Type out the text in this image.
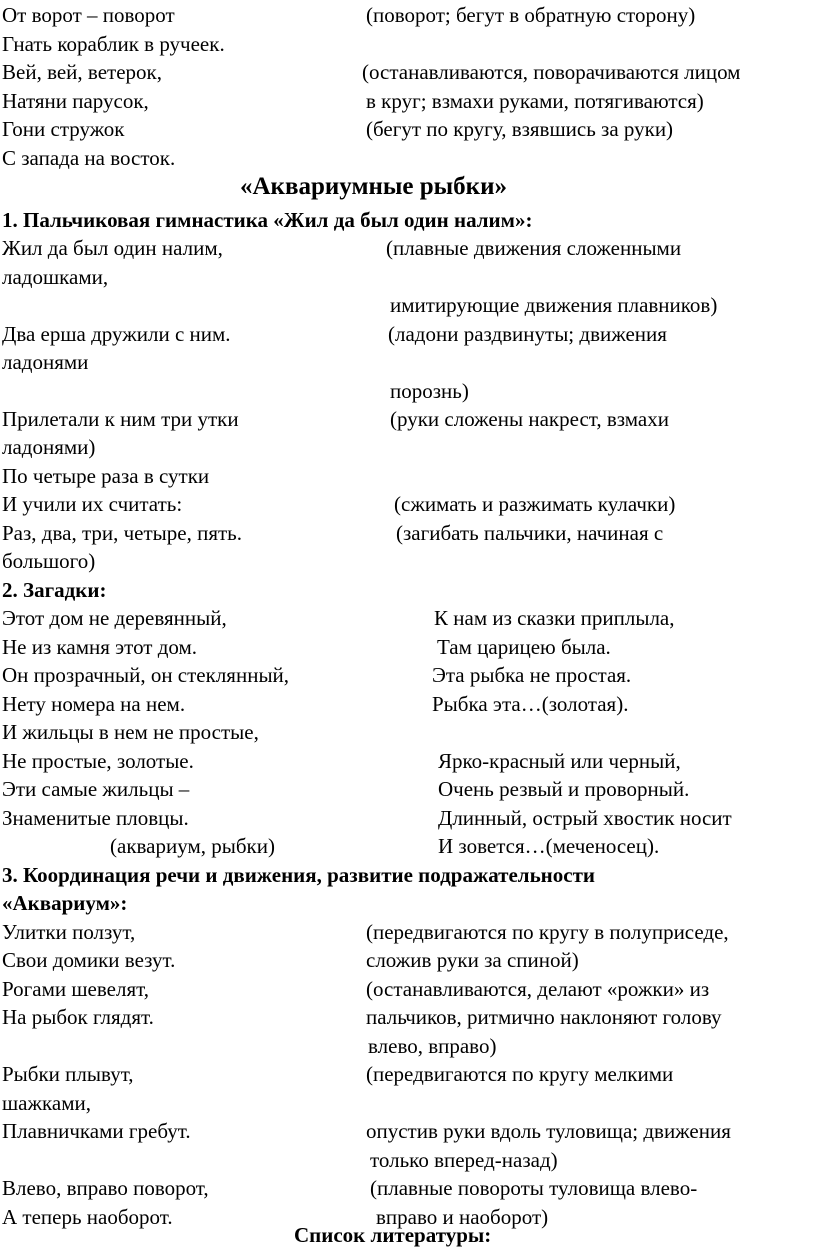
От ворот – поворот	(поворот; бегут в обратную сторону)
Гнать кораблик в ручеек.
Вей, вей, ветерок,	(останавливаются, поворачиваются лицом
Натяни парусок,	в круг; взмахи руками, потягиваются)
Гони стружок	(бегут по кругу, взявшись за руки)
С запада на восток.
«Аквариумные рыбки»
1. Пальчиковая гимнастика «Жил да был один налим»:
Жил да был один налим,	(плавные движения сложенными
ладошками,
имитирующие движения плавников)
Два ерша дружили с ним.	(ладони раздвинуты; движения
ладонями
порознь)
Прилетали к ним три утки	(руки сложены накрест, взмахи
ладонями)
По четыре раза в сутки
И учили их считать:	(сжимать и разжимать кулачки)
Раз, два, три, четыре, пять.	(загибать пальчики, начиная с
большого)
2. Загадки:
Этот дом не деревянный,	К нам из сказки приплыла,
Не из камня этот дом.	Там царицею была.
Он прозрачный, он стеклянный,	Эта рыбка не простая.
Нету номера на нем.	Рыбка эта…(золотая).
И жильцы в нем не простые,
Не простые, золотые.	Ярко-красный или черный,
Эти самые жильцы –	Очень резвый и проворный.
Знаменитые пловцы.	Длинный, острый хвостик носит
(аквариум, рыбки)	И зовется…(меченосец).
3. Координация речи и движения, развитие подражательности
«Аквариум»:
Улитки ползут,	(передвигаются по кругу в полуприседе,
Свои домики везут.	сложив руки за спиной)
Рогами шевелят,	(останавливаются, делают «рожки» из
На рыбок глядят.	пальчиков, ритмично наклоняют голову
влево, вправо)
Рыбки плывут,	(передвигаются по кругу мелкими
шажками,
Плавничками гребут.	опустив руки вдоль туловища; движения
только вперед-назад)
Влево, вправо поворот,	(плавные повороты туловища влево-
А теперь наоборот.	вправо и наоборот)
Список литературы:
